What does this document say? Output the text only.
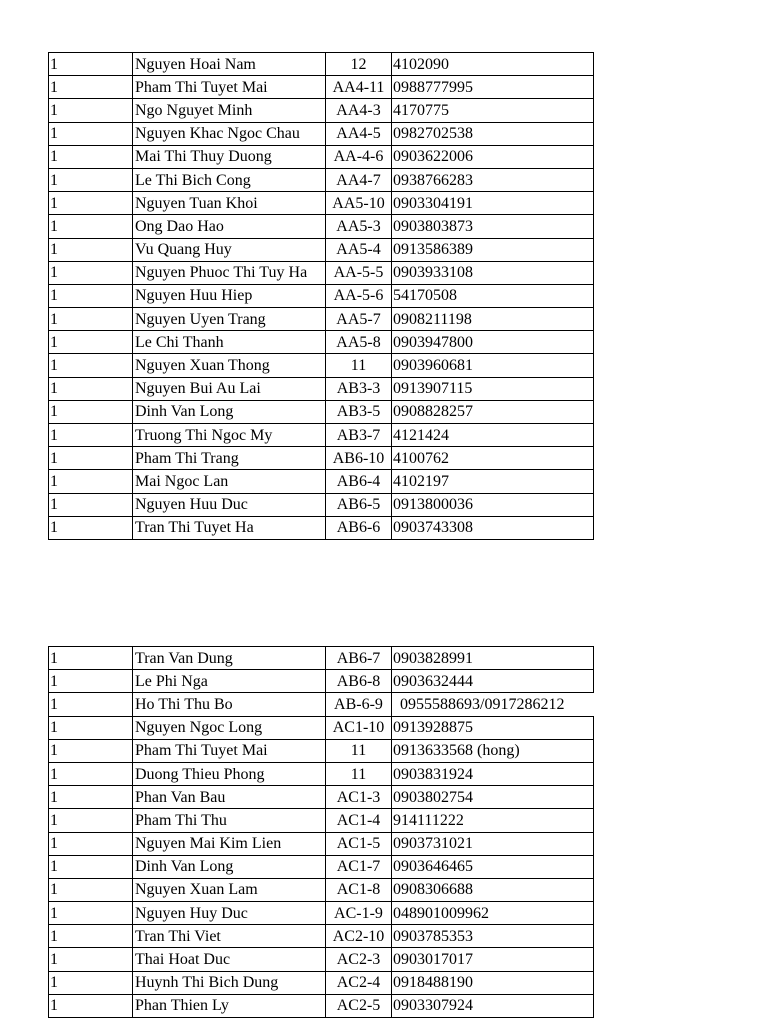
1	Nguyen Hoai Nam	12	4102090
1	Pham Thi Tuyet Mai	AA4-11	0988777995
1	Ngo Nguyet Minh	AA4-3	4170775
1	Nguyen Khac Ngoc Chau	AA4-5	0982702538
1	Mai Thi Thuy Duong	AA-4-6	0903622006
1	Le Thi Bich Cong	AA4-7	0938766283
1	Nguyen Tuan Khoi	AA5-10	0903304191
1	Ong Dao Hao	AA5-3	0903803873
1	Vu Quang Huy	AA5-4	0913586389
1	Nguyen Phuoc Thi Tuy Ha	AA-5-5	0903933108
1	Nguyen Huu Hiep	AA-5-6	54170508
1	Nguyen Uyen Trang	AA5-7	0908211198
1	Le Chi Thanh	AA5-8	0903947800
1	Nguyen Xuan Thong	11	0903960681
1	Nguyen Bui Au Lai	AB3-3	0913907115
1	Dinh Van Long	AB3-5	0908828257
1	Truong Thi Ngoc My	AB3-7	4121424
1	Pham Thi Trang	AB6-10	4100762
1	Mai Ngoc Lan	AB6-4	4102197
1	Nguyen Huu Duc	AB6-5	0913800036
1	Tran Thi Tuyet Ha	AB6-6	0903743308
1	Tran Van Dung	AB6-7	0903828991
1	Le Phi Nga	AB6-8	0903632444
1	Ho Thi Thu Bo	AB-6-9	0955588693/0917286212
1	Nguyen Ngoc Long	AC1-10	0913928875
1	Pham Thi Tuyet Mai	11	0913633568 (hong)
1	Duong Thieu Phong	11	0903831924
1	Phan Van Bau	AC1-3	0903802754
1	Pham Thi Thu	AC1-4	914111222
1	Nguyen Mai Kim Lien	AC1-5	0903731021
1	Dinh Van Long	AC1-7	0903646465
1	Nguyen Xuan Lam	AC1-8	0908306688
1	Nguyen Huy Duc	AC-1-9	048901009962
1	Tran Thi Viet	AC2-10	0903785353
1	Thai Hoat Duc	AC2-3	0903017017
1	Huynh Thi Bich Dung	AC2-4	0918488190
1	Phan Thien Ly	AC2-5	0903307924
